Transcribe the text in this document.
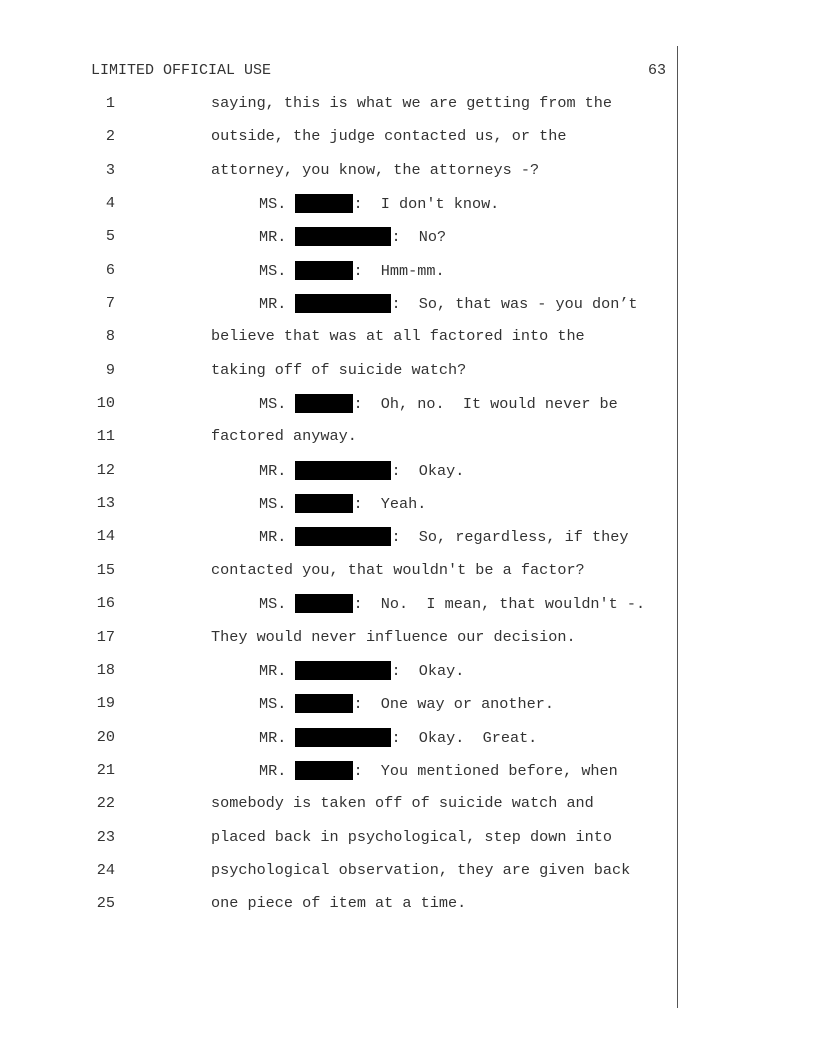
LIMITED OFFICIAL USE	63
1	saying, this is what we are getting from the
2	outside, the judge contacted us, or the
3	attorney, you know, the attorneys -?
4	MS.	:  I don't know.
5	MR.	:  No?
6	MS.	:  Hmm-mm.
7	MR.	:  So, that was - you don’t
8	believe that was at all factored into the
9	taking off of suicide watch?
10	MS.	:  Oh, no.  It would never be
11	factored anyway.
12	MR.	:  Okay.
13	MS.	:  Yeah.
14	MR.	:  So, regardless, if they
15	contacted you, that wouldn't be a factor?
16	MS.	:  No.  I mean, that wouldn't -.
17	They would never influence our decision.
18	MR.	:  Okay.
19	MS.	:  One way or another.
20	MR.	:  Okay.  Great.
21	MR.	:  You mentioned before, when
22	somebody is taken off of suicide watch and
23	placed back in psychological, step down into
24	psychological observation, they are given back
25	one piece of item at a time.
